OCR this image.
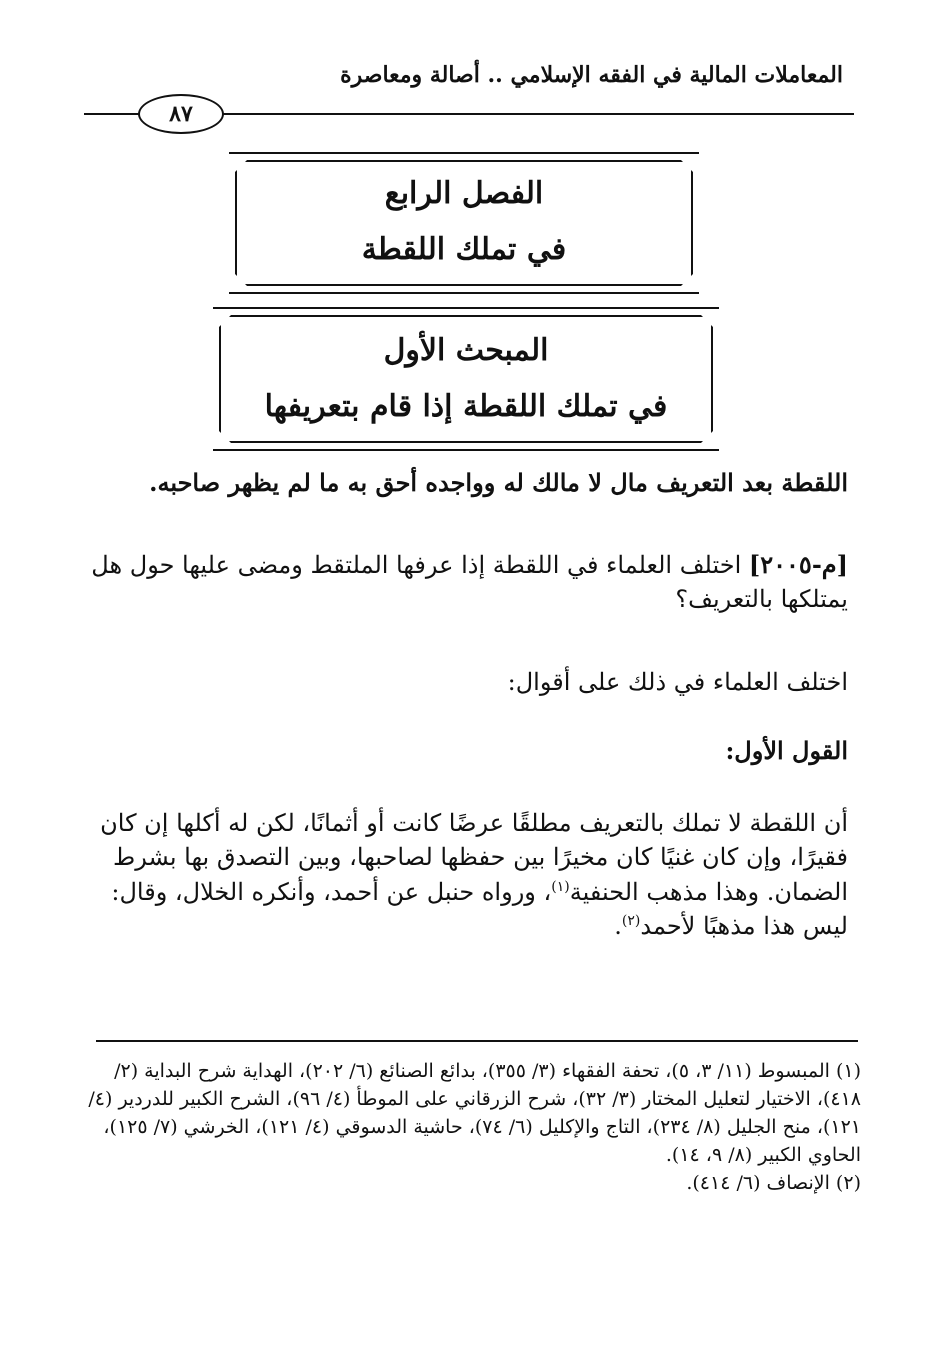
المعاملات المالية في الفقه الإسلامي .. أصالة ومعاصرة
٨٧
الفصل الرابع
في تملك اللقطة
المبحث الأول
في تملك اللقطة إذا قام بتعريفها
اللقطة بعد التعريف مال لا مالك له وواجده أحق به ما لم يظهر صاحبه.
[م-٢٠٠٥] اختلف العلماء في اللقطة إذا عرفها الملتقط ومضى عليها حول هل يمتلكها بالتعريف؟
اختلف العلماء في ذلك على أقوال:
القول الأول:
أن اللقطة لا تملك بالتعريف مطلقًا عرضًا كانت أو أثمانًا، لكن له أكلها إن كان فقيرًا، وإن كان غنيًا كان مخيرًا بين حفظها لصاحبها، وبين التصدق بها بشرط الضمان. وهذا مذهب الحنفية$^{(١)}$، ورواه حنبل عن أحمد، وأنكره الخلال، وقال: ليس هذا مذهبًا لأحمد$^{(٢)}$.

(١) المبسوط (١١/ ٣، ٥)، تحفة الفقهاء (٣/ ٣٥٥)، بدائع الصنائع (٦/ ٢٠٢)، الهداية شرح البداية (٢/ ٤١٨)، الاختيار لتعليل المختار (٣/ ٣٢)، شرح الزرقاني على الموطأ (٤/ ٩٦)، الشرح الكبير للدردير (٤/ ١٢١)، منح الجليل (٨/ ٢٣٤)، التاج والإكليل (٦/ ٧٤)، حاشية الدسوقي (٤/ ١٢١)، الخرشي (٧/ ١٢٥)، الحاوي الكبير (٨/ ٩، ١٤).

(٢) الإنصاف (٦/ ٤١٤).
